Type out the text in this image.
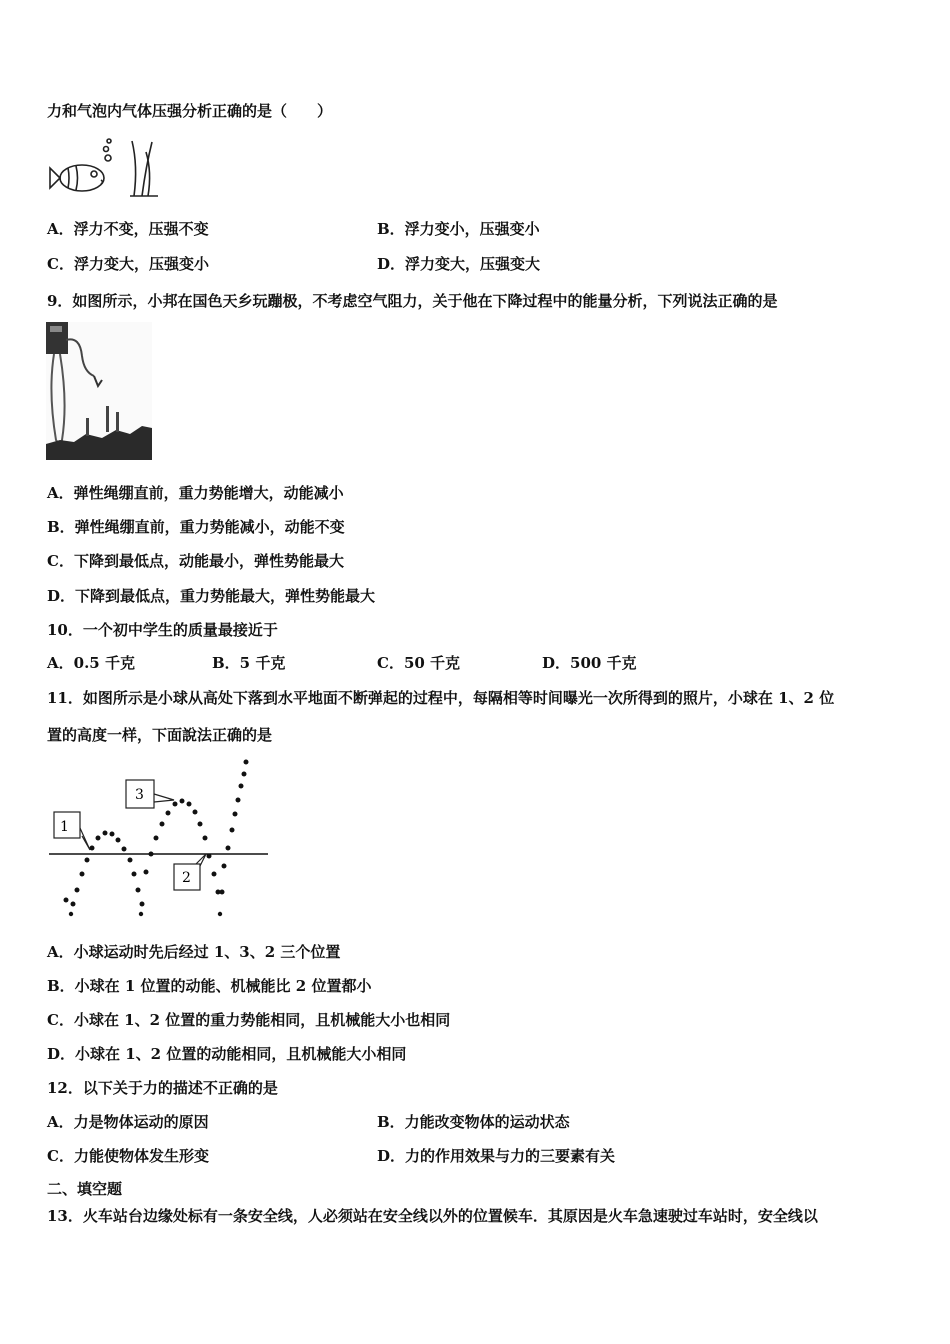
力和气泡内气体压强分析正确的是（　　）
A．浮力不变，压强不变	B．浮力变小，压强变小
C．浮力变大，压强变小	D．浮力变大，压强变大
9．如图所示，小邦在国色天乡玩蹦极，不考虑空气阻力，关于他在下降过程中的能量分析，下列说法正确的是
A．弹性绳绷直前，重力势能增大，动能减小
B．弹性绳绷直前，重力势能减小，动能不变
C．下降到最低点，动能最小，弹性势能最大
D．下降到最低点，重力势能最大，弹性势能最大
10．一个初中学生的质量最接近于
A．0.5 千克	B．5 千克	C．50 千克	D．500 千克
11．如图所示是小球从高处下落到水平地面不断弹起的过程中，每隔相等时间曝光一次所得到的照片，小球在 1、2 位
置的高度一样，下面說法正确的是
1
3
2
A．小球运动时先后经过 1、3、2 三个位置
B．小球在 1 位置的动能、机械能比 2 位置都小
C．小球在 1、2 位置的重力势能相同，且机械能大小也相同
D．小球在 1、2 位置的动能相同，且机械能大小相同
12．以下关于力的描述不正确的是
A．力是物体运动的原因	B．力能改变物体的运动状态
C．力能使物体发生形变	D．力的作用效果与力的三要素有关
二、填空题
13．火车站台边缘处标有一条安全线，人必须站在安全线以外的位置候车．其原因是火车急速驶过车站时，安全线以
